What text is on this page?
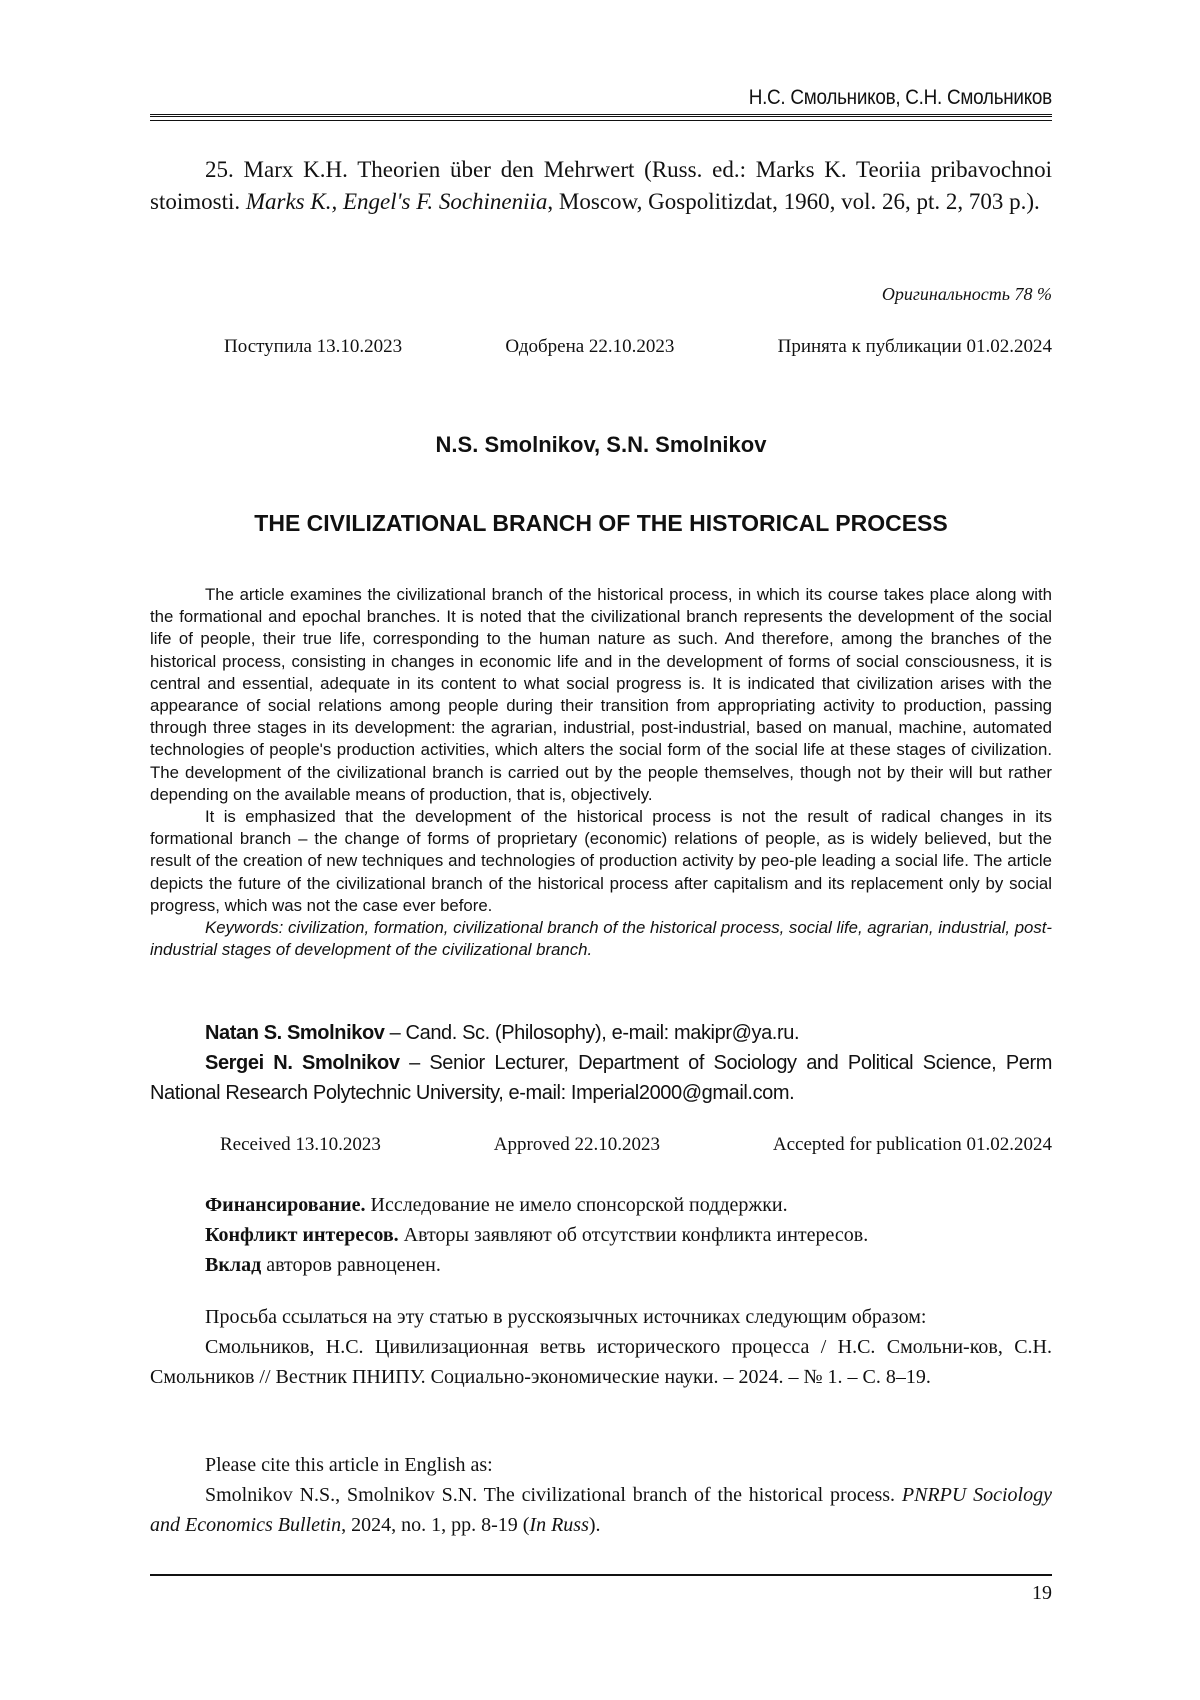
Н.С. Смольников, С.Н. Смольников
25. Marx K.H. Theorien über den Mehrwert (Russ. ed.: Marks K. Teoriia pribavochnoi stoimosti. Marks K., Engel's F. Sochineniia, Moscow, Gospolitizdat, 1960, vol. 26, pt. 2, 703 p.).
Оригинальность 78 %
Поступила 13.10.2023	Одобрена 22.10.2023	Принята к публикации 01.02.2024
N.S. Smolnikov, S.N. Smolnikov
THE CIVILIZATIONAL BRANCH OF THE HISTORICAL PROCESS

The article examines the civilizational branch of the historical process, in which its course takes place along with the formational and epochal branches. It is noted that the civilizational branch represents the development of the social life of people, their true life, corresponding to the human nature as such. And therefore, among the branches of the historical process, consisting in changes in economic life and in the development of forms of social consciousness, it is central and essential, adequate in its content to what social progress is. It is indicated that civilization arises with the appearance of social relations among people during their transition from appropriating activity to production, passing through three stages in its development: the agrarian, industrial, post-industrial, based on manual, machine, automated technologies of people's production activities, which alters the social form of the social life at these stages of civilization. The development of the civilizational branch is carried out by the people themselves, though not by their will but rather depending on the available means of production, that is, objectively.

It is emphasized that the development of the historical process is not the result of radical changes in its formational branch – the change of forms of proprietary (economic) relations of people, as is widely believed, but the result of the creation of new techniques and technologies of production activity by peo-ple leading a social life. The article depicts the future of the civilizational branch of the historical process after capitalism and its replacement only by social progress, which was not the case ever before.

Keywords: civilization, formation, civilizational branch of the historical process, social life, agrarian, industrial, post-industrial stages of development of the civilizational branch.

Natan S. Smolnikov – Cand. Sc. (Philosophy), e-mail: makipr@ya.ru.

Sergei N. Smolnikov – Senior Lecturer, Department of Sociology and Political Science, Perm National Research Polytechnic University, e-mail: Imperial2000@gmail.com.

Received 13.10.2023	Approved 22.10.2023	Accepted for publication 01.02.2024

Финансирование. Исследование не имело спонсорской поддержки.

Конфликт интересов. Авторы заявляют об отсутствии конфликта интересов.

Вклад авторов равноценен.

Просьба ссылаться на эту статью в русскоязычных источниках следующим образом:

Смольников, Н.С. Цивилизационная ветвь исторического процесса / Н.С. Смольни-ков, С.Н. Смольников // Вестник ПНИПУ. Социально-экономические науки. – 2024. – № 1. – С. 8–19.

Please cite this article in English as:

Smolnikov N.S., Smolnikov S.N. The civilizational branch of the historical process. PNRPU Sociology and Economics Bulletin, 2024, no. 1, pp. 8-19 (In Russ).

19
